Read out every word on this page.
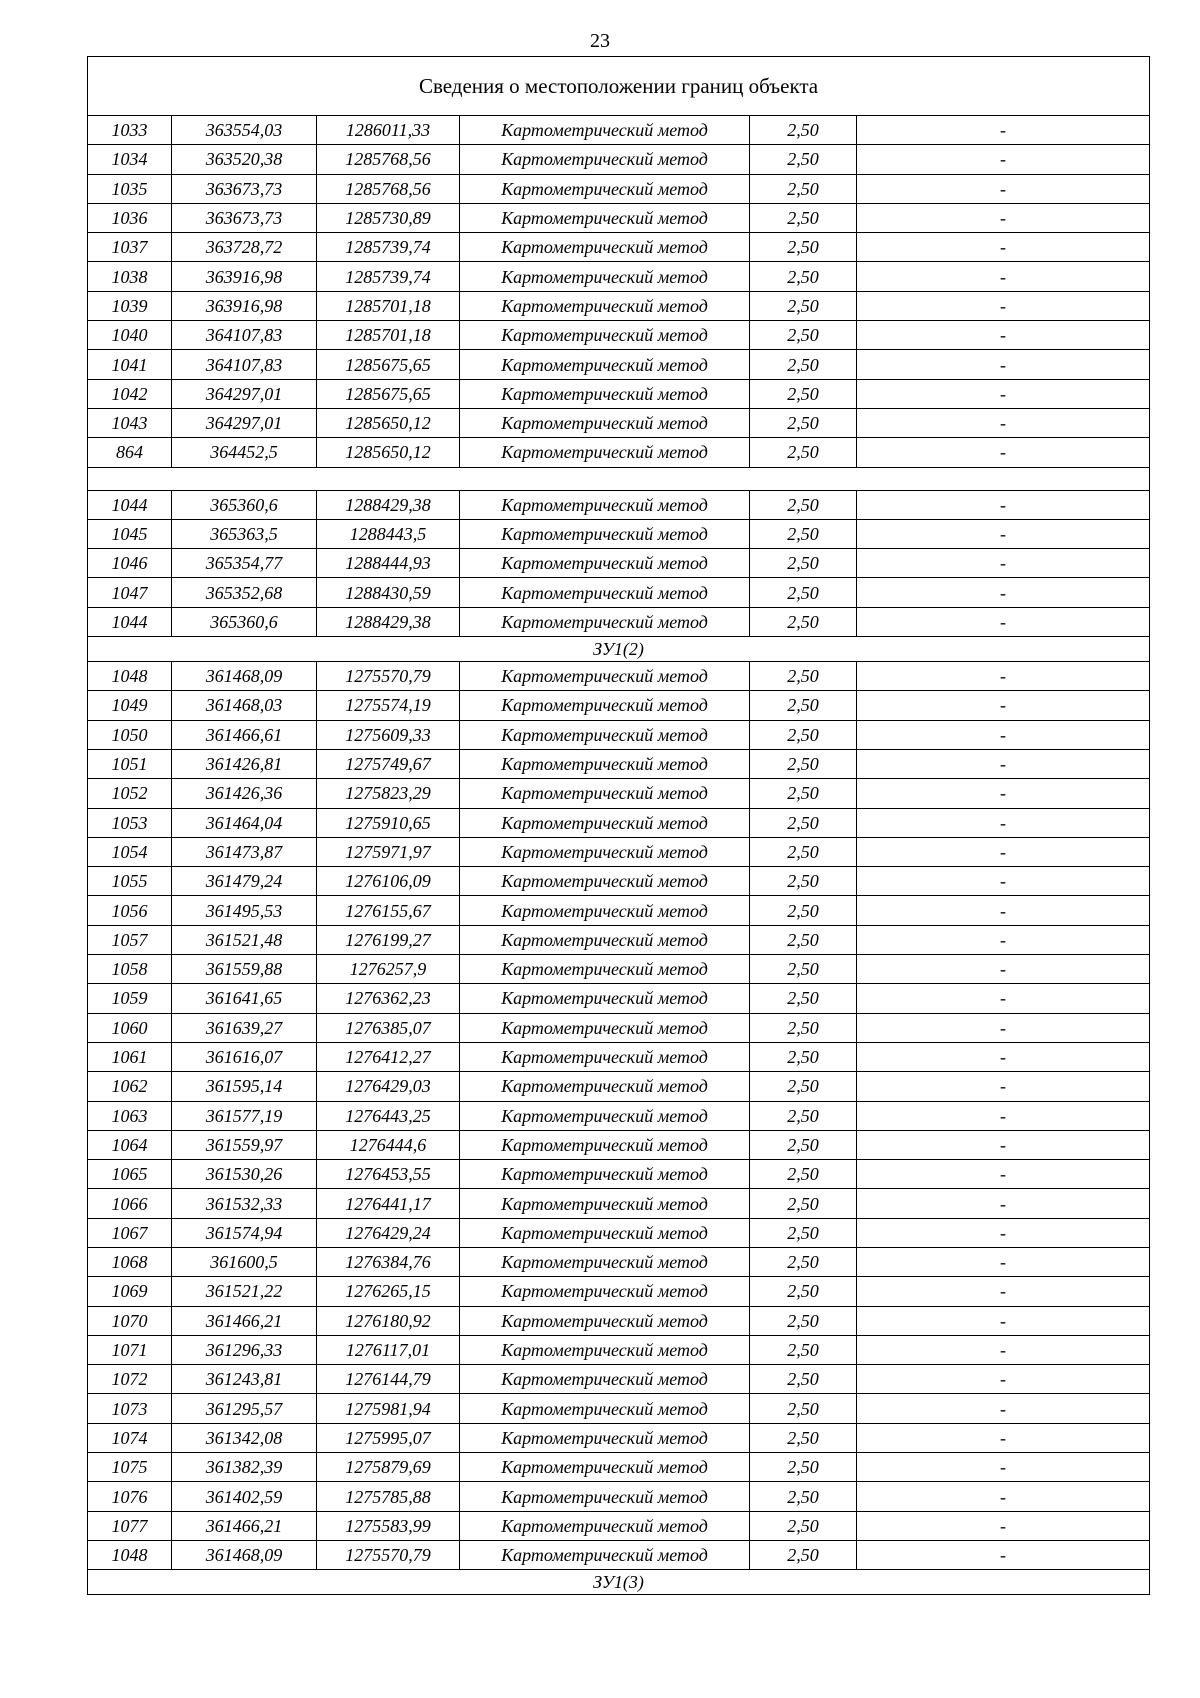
23
Сведения о местоположении границ объекта					
1033	363554,03	1286011,33	Картометрический метод	2,50	-
1034	363520,38	1285768,56	Картометрический метод	2,50	-
1035	363673,73	1285768,56	Картометрический метод	2,50	-
1036	363673,73	1285730,89	Картометрический метод	2,50	-
1037	363728,72	1285739,74	Картометрический метод	2,50	-
1038	363916,98	1285739,74	Картометрический метод	2,50	-
1039	363916,98	1285701,18	Картометрический метод	2,50	-
1040	364107,83	1285701,18	Картометрический метод	2,50	-
1041	364107,83	1285675,65	Картометрический метод	2,50	-
1042	364297,01	1285675,65	Картометрический метод	2,50	-
1043	364297,01	1285650,12	Картометрический метод	2,50	-
864	364452,5	1285650,12	Картометрический метод	2,50	-

1044	365360,6	1288429,38	Картометрический метод	2,50	-
1045	365363,5	1288443,5	Картометрический метод	2,50	-
1046	365354,77	1288444,93	Картометрический метод	2,50	-
1047	365352,68	1288430,59	Картометрический метод	2,50	-
1044	365360,6	1288429,38	Картометрический метод	2,50	-
ЗУ1(2)					
1048	361468,09	1275570,79	Картометрический метод	2,50	-
1049	361468,03	1275574,19	Картометрический метод	2,50	-
1050	361466,61	1275609,33	Картометрический метод	2,50	-
1051	361426,81	1275749,67	Картометрический метод	2,50	-
1052	361426,36	1275823,29	Картометрический метод	2,50	-
1053	361464,04	1275910,65	Картометрический метод	2,50	-
1054	361473,87	1275971,97	Картометрический метод	2,50	-
1055	361479,24	1276106,09	Картометрический метод	2,50	-
1056	361495,53	1276155,67	Картометрический метод	2,50	-
1057	361521,48	1276199,27	Картометрический метод	2,50	-
1058	361559,88	1276257,9	Картометрический метод	2,50	-
1059	361641,65	1276362,23	Картометрический метод	2,50	-
1060	361639,27	1276385,07	Картометрический метод	2,50	-
1061	361616,07	1276412,27	Картометрический метод	2,50	-
1062	361595,14	1276429,03	Картометрический метод	2,50	-
1063	361577,19	1276443,25	Картометрический метод	2,50	-
1064	361559,97	1276444,6	Картометрический метод	2,50	-
1065	361530,26	1276453,55	Картометрический метод	2,50	-
1066	361532,33	1276441,17	Картометрический метод	2,50	-
1067	361574,94	1276429,24	Картометрический метод	2,50	-
1068	361600,5	1276384,76	Картометрический метод	2,50	-
1069	361521,22	1276265,15	Картометрический метод	2,50	-
1070	361466,21	1276180,92	Картометрический метод	2,50	-
1071	361296,33	1276117,01	Картометрический метод	2,50	-
1072	361243,81	1276144,79	Картометрический метод	2,50	-
1073	361295,57	1275981,94	Картометрический метод	2,50	-
1074	361342,08	1275995,07	Картометрический метод	2,50	-
1075	361382,39	1275879,69	Картометрический метод	2,50	-
1076	361402,59	1275785,88	Картометрический метод	2,50	-
1077	361466,21	1275583,99	Картометрический метод	2,50	-
1048	361468,09	1275570,79	Картометрический метод	2,50	-
ЗУ1(3)					
